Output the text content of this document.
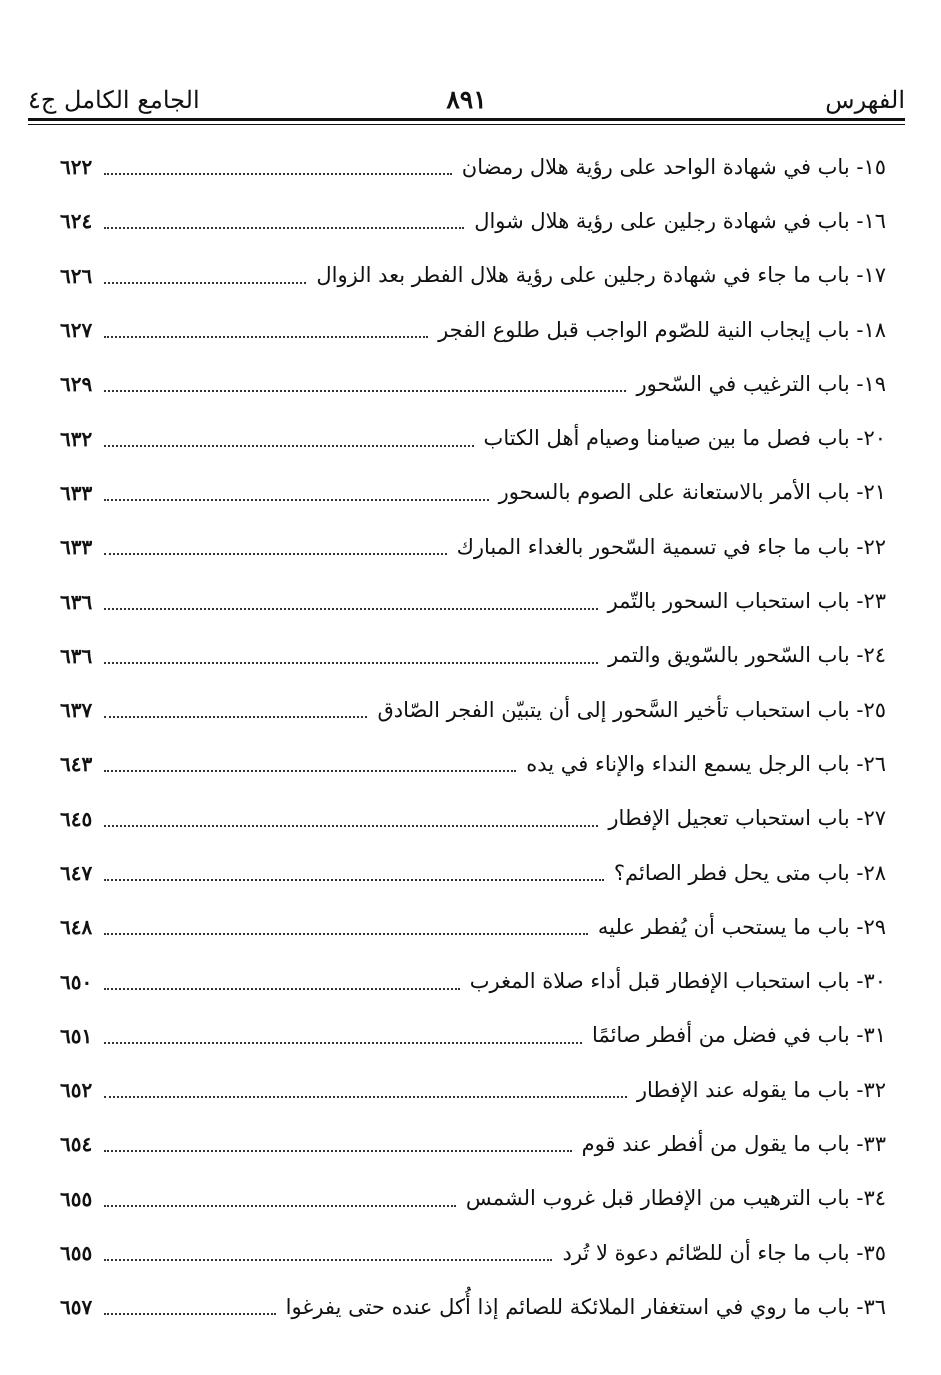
الفهرس
٨٩١
الجامع الكامل ج٤
٦٢٢	١٥- باب في شهادة الواحد على رؤية هلال رمضان
٦٢٤	١٦- باب في شهادة رجلين على رؤية هلال شوال
٦٢٦	١٧- باب ما جاء في شهادة رجلين على رؤية هلال الفطر بعد الزوال
٦٢٧	١٨- باب إيجاب النية للصّوم الواجب قبل طلوع الفجر
٦٢٩	١٩- باب الترغيب في السّحور
٦٣٢	٢٠- باب فصل ما بين صيامنا وصيام أهل الكتاب
٦٣٣	٢١- باب الأمر بالاستعانة على الصوم بالسحور
٦٣٣	٢٢- باب ما جاء في تسمية السّحور بالغداء المبارك
٦٣٦	٢٣- باب استحباب السحور بالتّمر
٦٣٦	٢٤- باب السّحور بالسّويق والتمر
٦٣٧	٢٥- باب استحباب تأخير السَّحور إلى أن يتبيّن الفجر الصّادق
٦٤٣	٢٦- باب الرجل يسمع النداء والإناء في يده
٦٤٥	٢٧- باب استحباب تعجيل الإفطار
٦٤٧	٢٨- باب متى يحل فطر الصائم؟
٦٤٨	٢٩- باب ما يستحب أن يُفطر عليه
٦٥٠	٣٠- باب استحباب الإفطار قبل أداء صلاة المغرب
٦٥١	٣١- باب في فضل من أفطر صائمًا
٦٥٢	٣٢- باب ما يقوله عند الإفطار
٦٥٤	٣٣- باب ما يقول من أفطر عند قوم
٦٥٥	٣٤- باب الترهيب من الإفطار قبل غروب الشمس
٦٥٥	٣٥- باب ما جاء أن للصّائم دعوة لا تُرد
٦٥٧	٣٦- باب ما روي في استغفار الملائكة للصائم إذا أُكل عنده حتى يفرغوا
